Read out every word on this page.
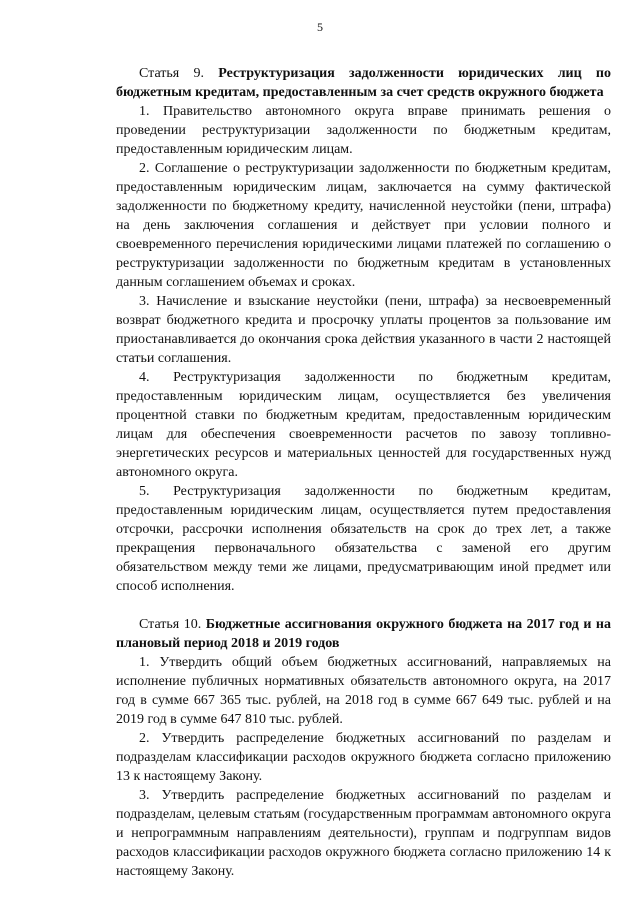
5

Статья 9. Реструктуризация задолженности юридических лиц по бюджетным кредитам, предоставленным за счет средств окружного бюджета

1. Правительство автономного округа вправе принимать решения о проведении реструктуризации задолженности по бюджетным кредитам, предоставленным юридическим лицам.

2. Соглашение о реструктуризации задолженности по бюджетным кредитам, предоставленным юридическим лицам, заключается на сумму фактической задолженности по бюджетному кредиту, начисленной неустойки (пени, штрафа) на день заключения соглашения и действует при условии полного и своевременного перечисления юридическими лицами платежей по соглашению о реструктуризации задолженности по бюджетным кредитам в установленных данным соглашением объемах и сроках.

3. Начисление и взыскание неустойки (пени, штрафа) за несвоевременный возврат бюджетного кредита и просрочку уплаты процентов за пользование им приостанавливается до окончания срока действия указанного в части 2 настоящей статьи соглашения.

4. Реструктуризация задолженности по бюджетным кредитам, предоставленным юридическим лицам, осуществляется без увеличения процентной ставки по бюджетным кредитам, предоставленным юридическим лицам для обеспечения своевременности расчетов по завозу топливно-энергетических ресурсов и материальных ценностей для государственных нужд автономного округа.

5. Реструктуризация задолженности по бюджетным кредитам, предоставленным юридическим лицам, осуществляется путем предоставления отсрочки, рассрочки исполнения обязательств на срок до трех лет, а также прекращения первоначального обязательства с заменой его другим обязательством между теми же лицами, предусматривающим иной предмет или способ исполнения.

Статья 10. Бюджетные ассигнования окружного бюджета на 2017 год и на плановый период 2018 и 2019 годов

1. Утвердить общий объем бюджетных ассигнований, направляемых на исполнение публичных нормативных обязательств автономного округа, на 2017 год в сумме 667 365 тыс. рублей, на 2018 год в сумме 667 649 тыс. рублей и на 2019 год в сумме 647 810 тыс. рублей.

2. Утвердить распределение бюджетных ассигнований по разделам и подразделам классификации расходов окружного бюджета согласно приложению 13 к настоящему Закону.

3. Утвердить распределение бюджетных ассигнований по разделам и подразделам, целевым статьям (государственным программам автономного округа и непрограммным направлениям деятельности), группам и подгруппам видов расходов классификации расходов окружного бюджета согласно приложению 14 к настоящему Закону.
